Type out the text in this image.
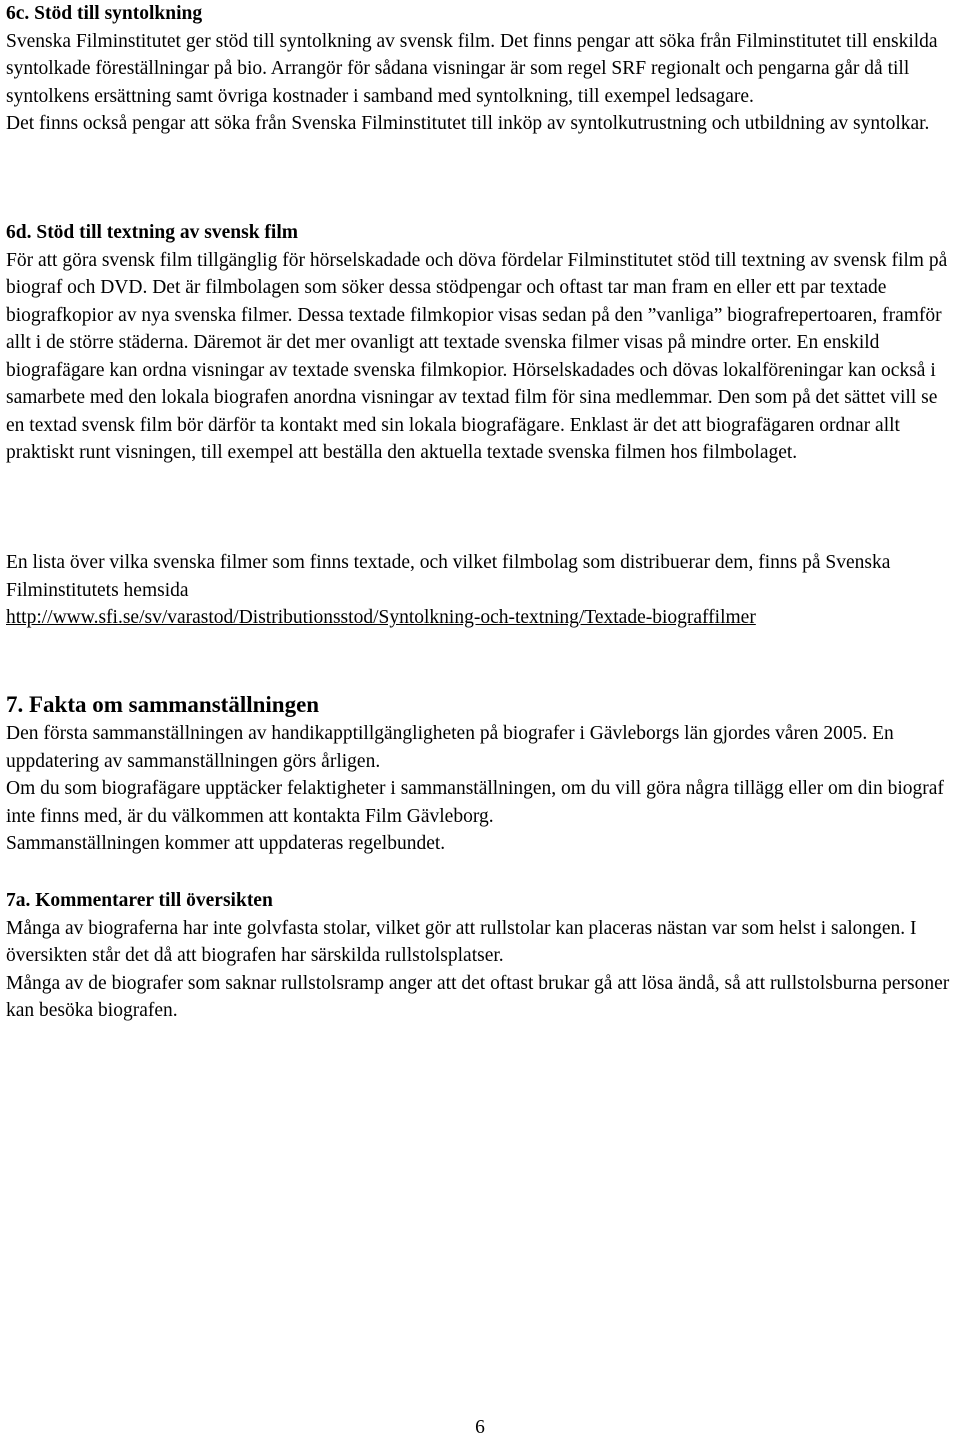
6c. Stöd till syntolkning

Svenska Filminstitutet ger stöd till syntolkning av svensk film. Det finns pengar att söka från Filminstitutet till enskilda syntolkade föreställningar på bio. Arrangör för sådana visningar är som regel SRF regionalt och pengarna går då till syntolkens ersättning samt övriga kostnader i samband med syntolkning, till exempel ledsagare.

Det finns också pengar att söka från Svenska Filminstitutet till inköp av syntolkutrustning och utbildning av syntolkar.

6d. Stöd till textning av svensk film

För att göra svensk film tillgänglig för hörselskadade och döva fördelar Filminstitutet stöd till textning av svensk film på biograf och DVD. Det är filmbolagen som söker dessa stödpengar och oftast tar man fram en eller ett par textade biografkopior av nya svenska filmer. Dessa textade filmkopior visas sedan på den ”vanliga” biografrepertoaren, framför allt i de större städerna. Däremot är det mer ovanligt att textade svenska filmer visas på mindre orter. En enskild biografägare kan ordna visningar av textade svenska filmkopior. Hörselskadades och dövas lokalföreningar kan också i samarbete med den lokala biografen anordna visningar av textad film för sina medlemmar. Den som på det sättet vill se en textad svensk film bör därför ta kontakt med sin lokala biografägare. Enklast är det att biografägaren ordnar allt praktiskt runt visningen, till exempel att beställa den aktuella textade svenska filmen hos filmbolaget.

En lista över vilka svenska filmer som finns textade, och vilket filmbolag som distribuerar dem, finns på Svenska Filminstitutets hemsida

http://www.sfi.se/sv/varastod/Distributionsstod/Syntolkning-och-textning/Textade-biograffilmer

7. Fakta om sammanställningen

Den första sammanställningen av handikapptillgängligheten på biografer i Gävleborgs län gjordes våren 2005. En uppdatering av sammanställningen görs årligen.

Om du som biografägare upptäcker felaktigheter i sammanställningen, om du vill göra några tillägg eller om din biograf inte finns med, är du välkommen att kontakta Film Gävleborg.

Sammanställningen kommer att uppdateras regelbundet.

7a. Kommentarer till översikten

Många av biograferna har inte golvfasta stolar, vilket gör att rullstolar kan placeras nästan var som helst i salongen. I översikten står det då att biografen har särskilda rullstolsplatser.

Många av de biografer som saknar rullstolsramp anger att det oftast brukar gå att lösa ändå, så att rullstolsburna personer kan besöka biografen.

6
